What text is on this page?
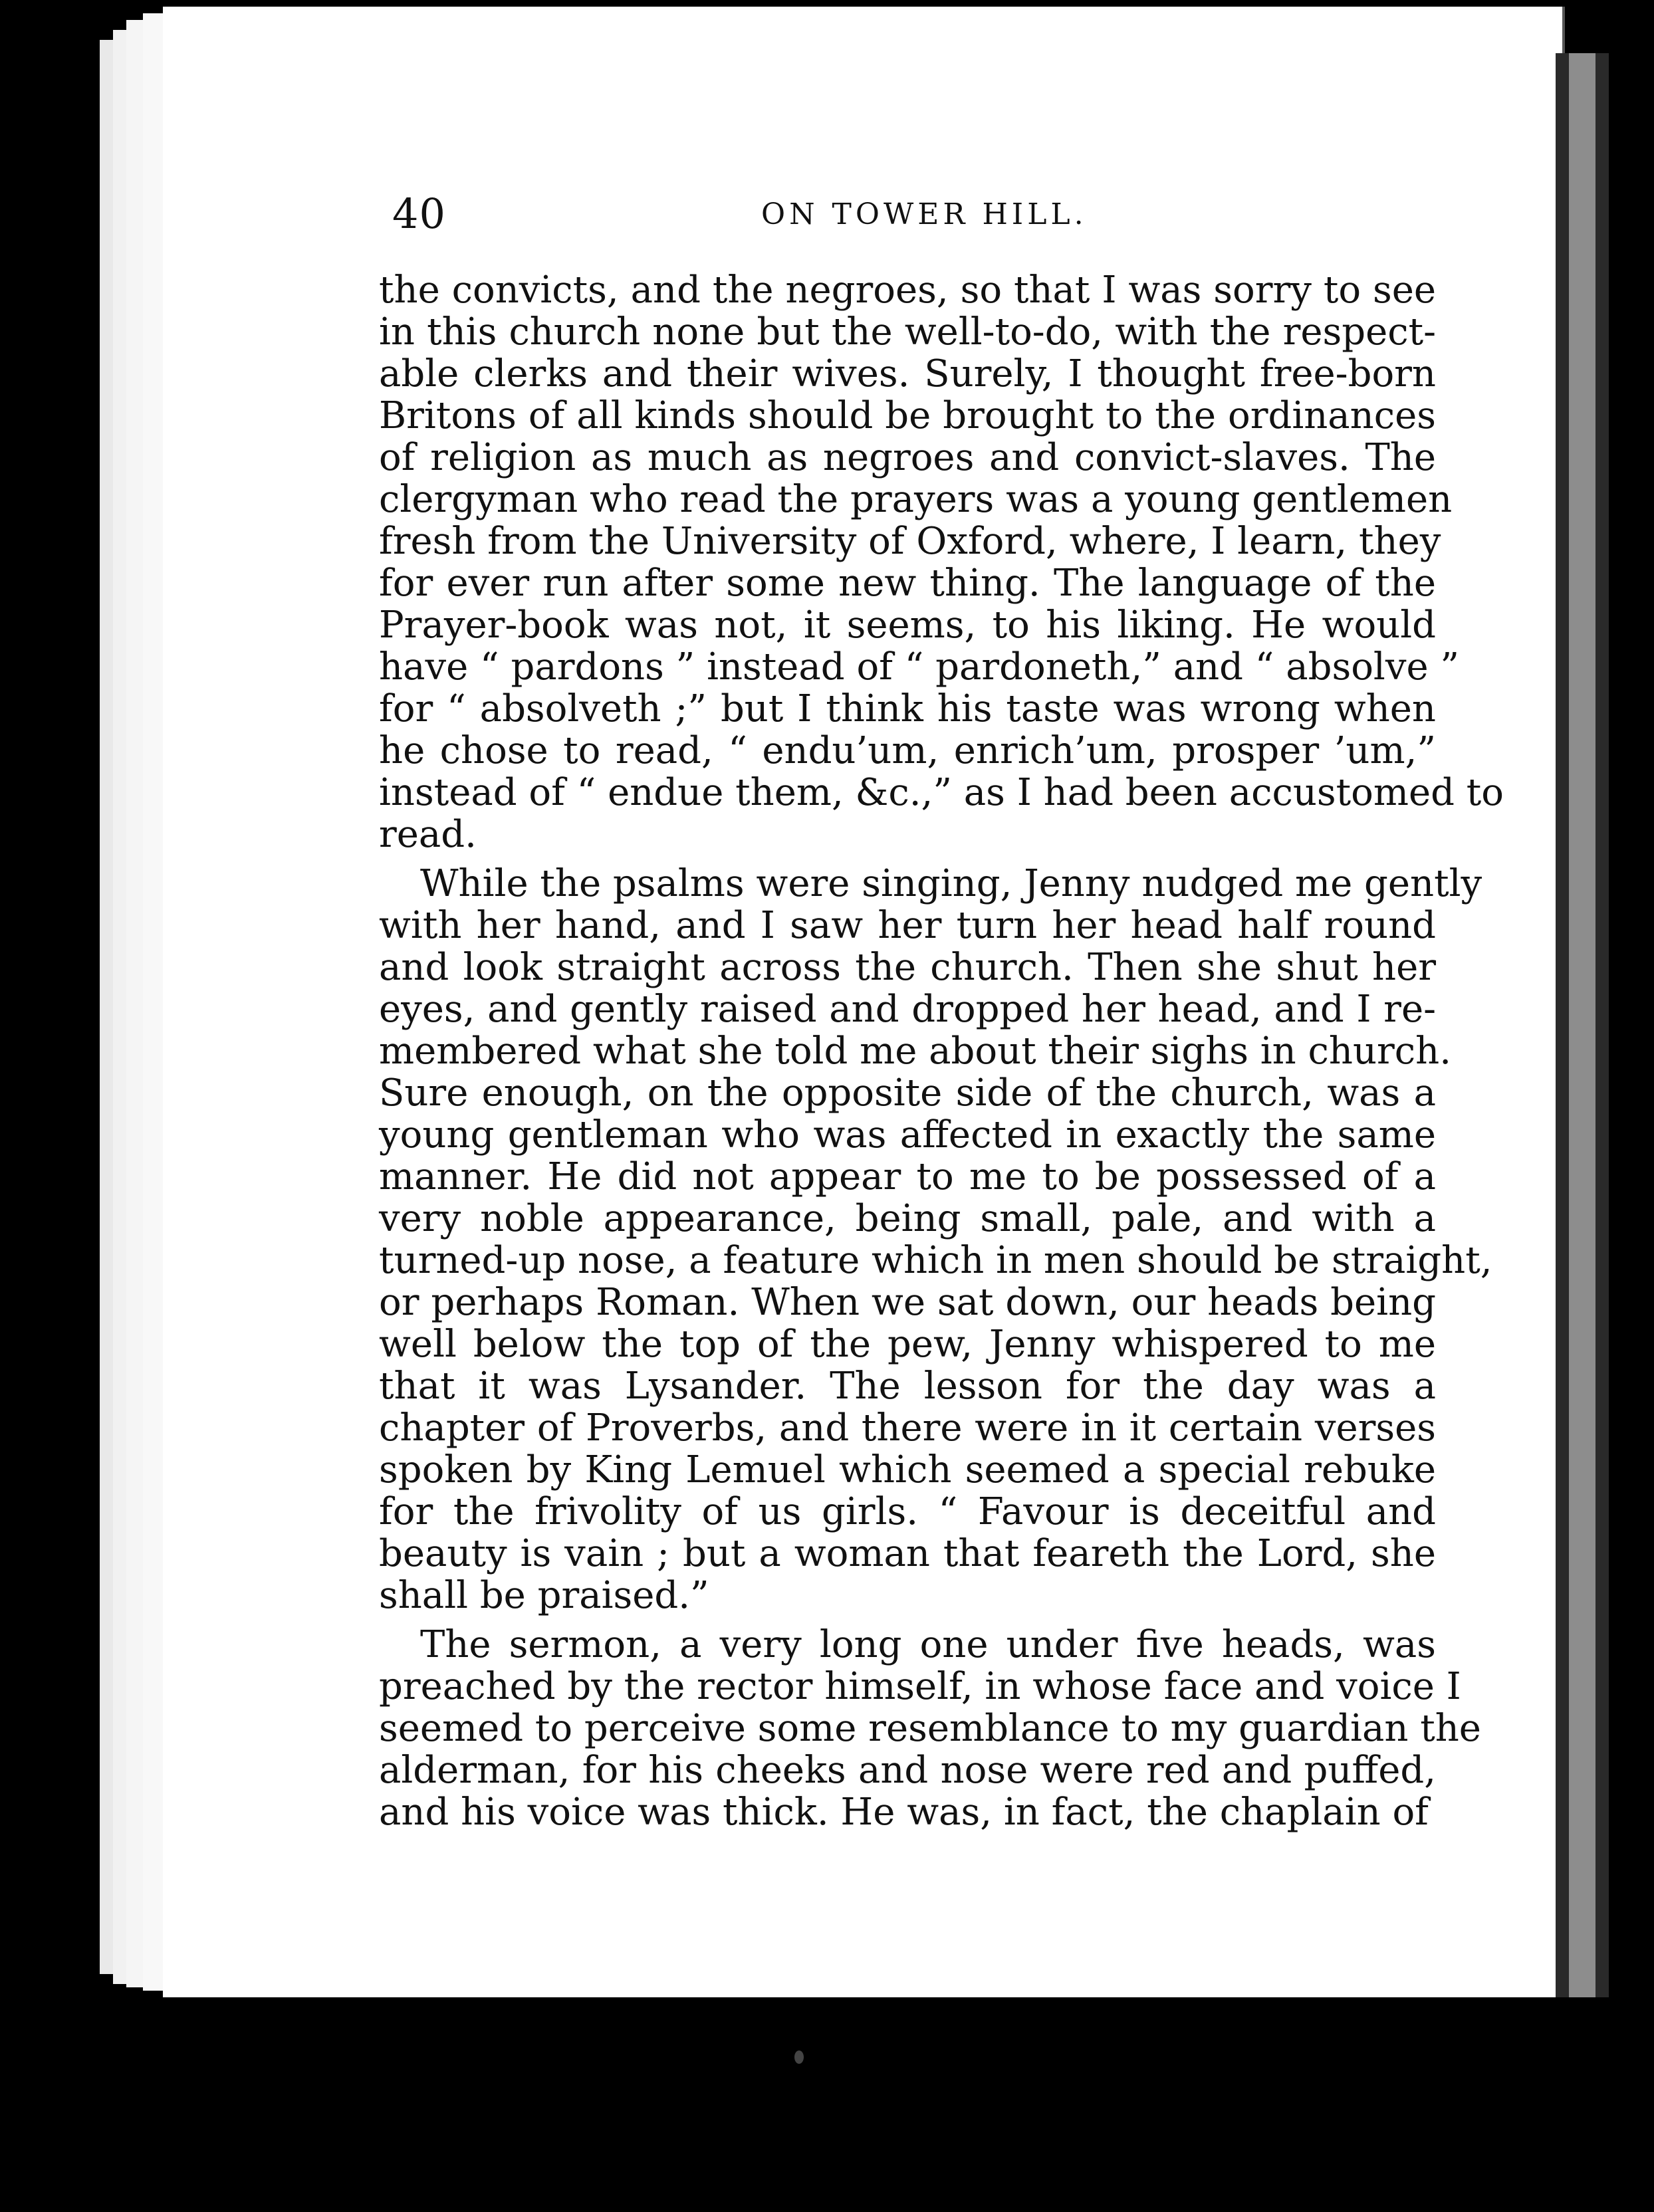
40	ON TOWER HILL.
the convicts, and the negroes, so that I was sorry to see
in this church none but the well-to-do, with the respect-
able clerks and their wives. Surely, I thought free-born
Britons of all kinds should be brought to the ordinances
of religion as much as negroes and convict-slaves. The
clergyman who read the prayers was a young gentlemen
fresh from the University of Oxford, where, I learn, they
for ever run after some new thing. The language of the
Prayer-book was not, it seems, to his liking. He would
have “ pardons ” instead of “ pardoneth,” and “ absolve ”
for “ absolveth ;” but I think his taste was wrong when
he chose to read, “ endu’um, enrich’um, prosper ’um,”
instead of “ endue them, &c.,” as I had been accustomed to
read.
While the psalms were singing, Jenny nudged me gently
with her hand, and I saw her turn her head half round
and look straight across the church. Then she shut her
eyes, and gently raised and dropped her head, and I re-
membered what she told me about their sighs in church.
Sure enough, on the opposite side of the church, was a
young gentleman who was affected in exactly the same
manner. He did not appear to me to be possessed of a
very noble appearance, being small, pale, and with a
turned-up nose, a feature which in men should be straight,
or perhaps Roman. When we sat down, our heads being
well below the top of the pew, Jenny whispered to me
that it was Lysander. The lesson for the day was a
chapter of Proverbs, and there were in it certain verses
spoken by King Lemuel which seemed a special rebuke
for the frivolity of us girls. “ Favour is deceitful and
beauty is vain ; but a woman that feareth the Lord, she
shall be praised.”
The sermon, a very long one under five heads, was
preached by the rector himself, in whose face and voice I
seemed to perceive some resemblance to my guardian the
alderman, for his cheeks and nose were red and puffed,
and his voice was thick. He was, in fact, the chaplain of
